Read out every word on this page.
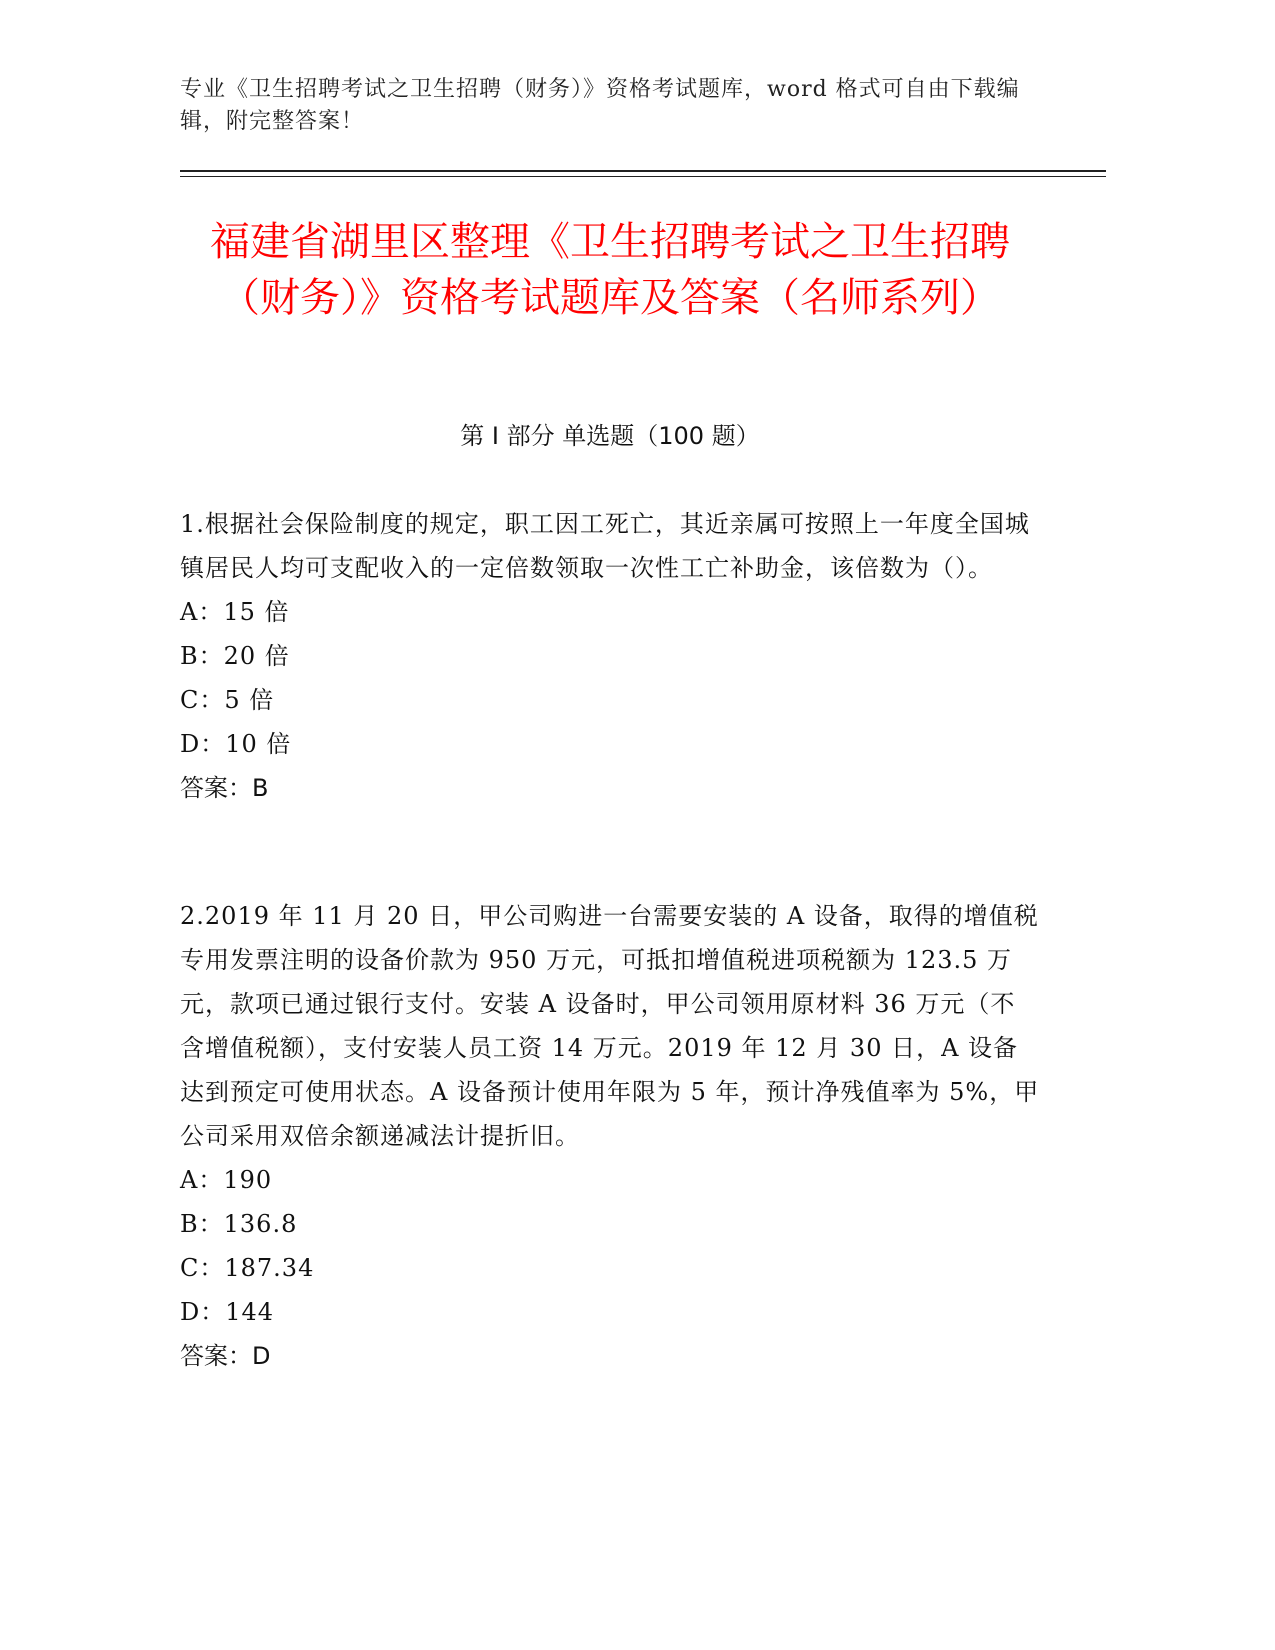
专业《卫生招聘考试之卫生招聘（财务）》资格考试题库，word 格式可自由下载编辑，附完整答案！
福建省湖里区整理《卫生招聘考试之卫生招聘（财务）》资格考试题库及答案（名师系列）
第 I 部分 单选题（100 题）
1.根据社会保险制度的规定，职工因工死亡，其近亲属可按照上一年度全国城镇居民人均可支配收入的一定倍数领取一次性工亡补助金，该倍数为（）。
A：15 倍
B：20 倍
C：5 倍
D：10 倍
答案：B
2.2019 年 11 月 20 日，甲公司购进一台需要安装的 A 设备，取得的增值税专用发票注明的设备价款为 950 万元，可抵扣增值税进项税额为 123.5 万元，款项已通过银行支付。安装 A 设备时，甲公司领用原材料 36 万元（不含增值税额），支付安装人员工资 14 万元。2019 年 12 月 30 日，A 设备达到预定可使用状态。A 设备预计使用年限为 5 年，预计净残值率为 5%，甲公司采用双倍余额递减法计提折旧。
A：190
B：136.8
C：187.34
D：144
答案：D
